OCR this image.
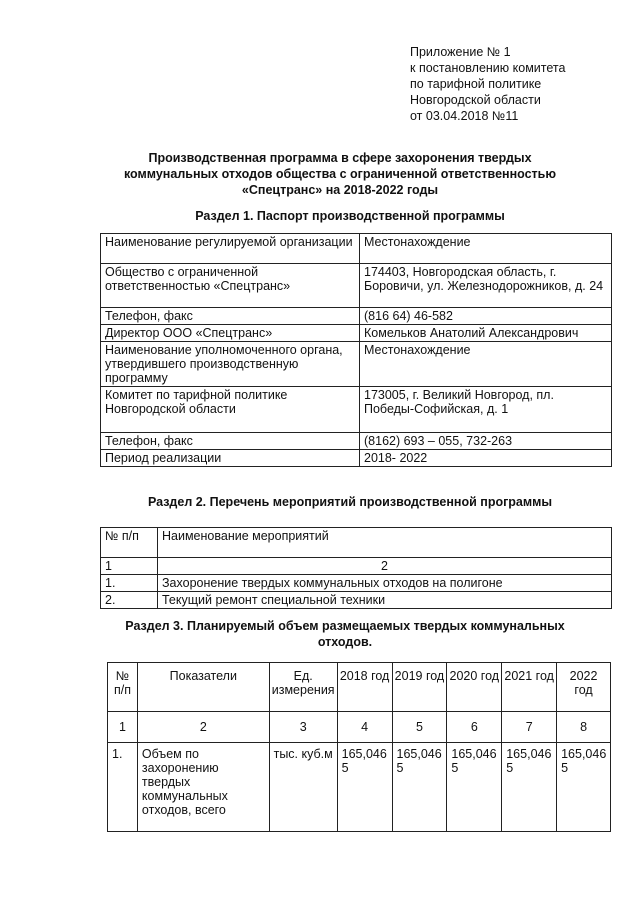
Приложение № 1
к постановлению комитета
по тарифной политике
Новгородской области
от 03.04.2018 №11
Производственная программа в сфере захоронения твердых коммунальных отходов общества с ограниченной ответственностью «Спецтранс» на 2018-2022 годы
Раздел 1. Паспорт производственной программы
Наименование регулируемой организации	Местонахождение
Общество с ограниченной ответственностью «Спецтранс»	174403, Новгородская область, г. Боровичи, ул. Железнодорожников, д. 24
Телефон, факс	(816 64) 46-582
Директор ООО «Спецтранс»	Комельков Анатолий Александрович
Наименование уполномоченного органа, утвердившего производственную программу	Местонахождение
Комитет по тарифной политике Новгородской области	173005, г. Великий Новгород, пл. Победы-Софийская, д. 1
Телефон, факс	(8162) 693 – 055, 732-263
Период реализации	2018- 2022
Раздел 2. Перечень мероприятий производственной программы
№ п/п	Наименование мероприятий
1	2
1.	Захоронение твердых коммунальных отходов на полигоне
2.	Текущий ремонт специальной техники
Раздел 3. Планируемый объем размещаемых твердых коммунальных отходов.
№ п/п	Показатели	Ед. измерения	2018 год	2019 год	2020 год	2021 год	2022 год
1	2	3	4	5	6	7	8
1.	Объем по захоронению твердых коммунальных отходов, всего	тыс. куб.м	165,0465	165,0465	165,0465	165,0465	165,0465
